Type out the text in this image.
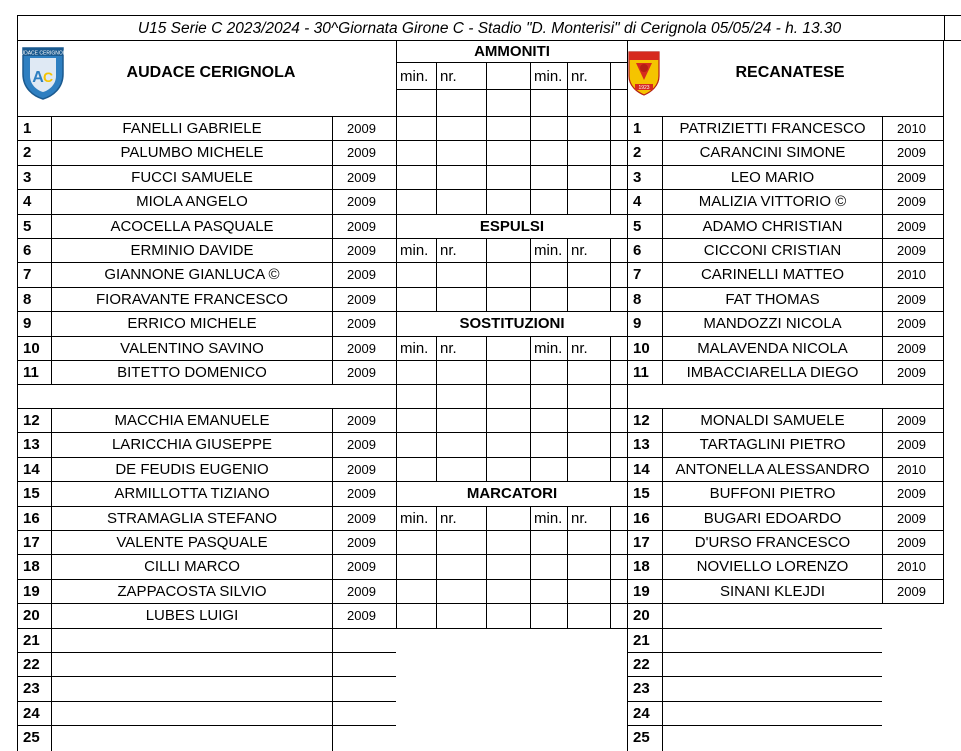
U15 Serie C 2023/2024 - 30^Giornata Girone C - Stadio "D. Monterisi" di Cerignola 05/05/24 - h. 13.30
AUDACE CERIGNOLA
A C
1923
AUDACE CERIGNOLA	RECANATESE
1	FANELLI GABRIELE	2009
2	PALUMBO MICHELE	2009
3	FUCCI SAMUELE	2009
4	MIOLA ANGELO	2009
5	ACOCELLA PASQUALE	2009
6	ERMINIO DAVIDE	2009
7	GIANNONE GIANLUCA ©	2009
8	FIORAVANTE FRANCESCO	2009
9	ERRICO MICHELE	2009
10	VALENTINO SAVINO	2009
11	BITETTO DOMENICO	2009
12	MACCHIA EMANUELE	2009
13	LARICCHIA GIUSEPPE	2009
14	DE FEUDIS EUGENIO	2009
15	ARMILLOTTA TIZIANO	2009
16	STRAMAGLIA STEFANO	2009
17	VALENTE PASQUALE	2009
18	CILLI MARCO	2009
19	ZAPPACOSTA SILVIO	2009
20	LUBES LUIGI	2009
21
22
23
24
25
1	PATRIZIETTI FRANCESCO	2010
2	CARANCINI SIMONE	2009
3	LEO MARIO	2009
4	MALIZIA VITTORIO ©	2009
5	ADAMO CHRISTIAN	2009
6	CICCONI CRISTIAN	2009
7	CARINELLI MATTEO	2010
8	FAT THOMAS	2009
9	MANDOZZI NICOLA	2009
10	MALAVENDA NICOLA	2009
11	IMBACCIARELLA DIEGO	2009
12	MONALDI SAMUELE	2009
13	TARTAGLINI PIETRO	2009
14	ANTONELLA ALESSANDRO	2010
15	BUFFONI PIETRO	2009
16	BUGARI EDOARDO	2009
17	D'URSO FRANCESCO	2009
18	NOVIELLO LORENZO	2010
19	SINANI KLEJDI	2009
20
21
22
23
24
25
AMMONITI
min. nr.	min. nr.
ESPULSI
min. nr.	min. nr.
SOSTITUZIONI
min. nr.	min. nr.
MARCATORI
min. nr.	min. nr.
